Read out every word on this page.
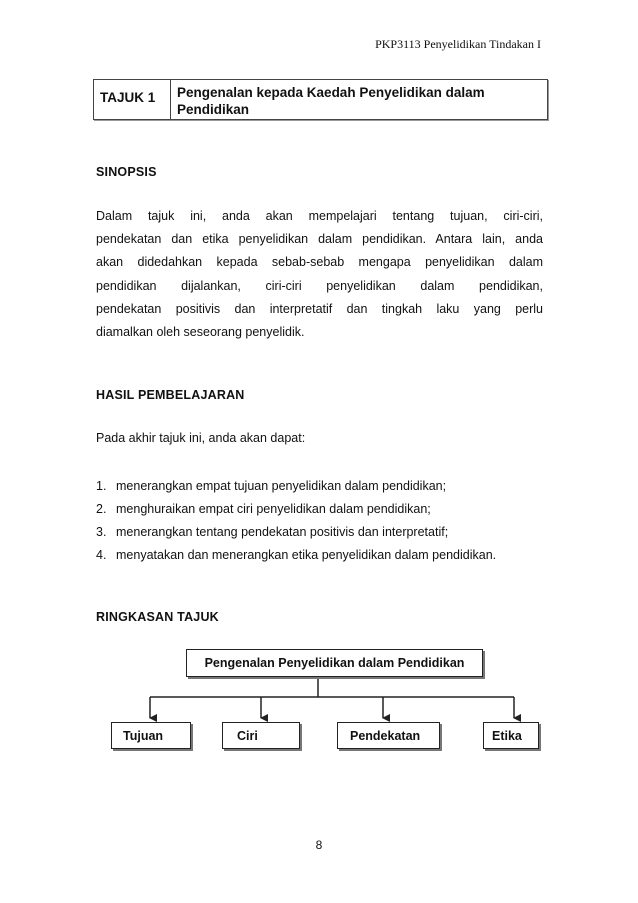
PKP3113 Penyelidikan Tindakan I
TAJUK 1	Pengenalan kepada Kaedah Penyelidikan dalam
Pendidikan
SINOPSIS
Dalam tajuk ini, anda akan mempelajari tentang tujuan, ciri-ciri,
pendekatan dan etika penyelidikan dalam pendidikan. Antara lain, anda
akan didedahkan kepada sebab-sebab mengapa penyelidikan dalam
pendidikan dijalankan, ciri-ciri penyelidikan dalam pendidikan,
pendekatan positivis dan interpretatif dan tingkah laku yang perlu
diamalkan oleh seseorang penyelidik.
HASIL PEMBELAJARAN
Pada akhir tajuk ini, anda akan dapat:
1. menerangkan empat tujuan penyelidikan dalam pendidikan;
2. menghuraikan empat ciri penyelidikan dalam pendidikan;
3. menerangkan tentang pendekatan positivis dan interpretatif;
4. menyatakan dan menerangkan etika penyelidikan dalam pendidikan.
RINGKASAN TAJUK
Pengenalan Penyelidikan dalam Pendidikan
Tujuan	Ciri	Pendekatan	Etika
8
